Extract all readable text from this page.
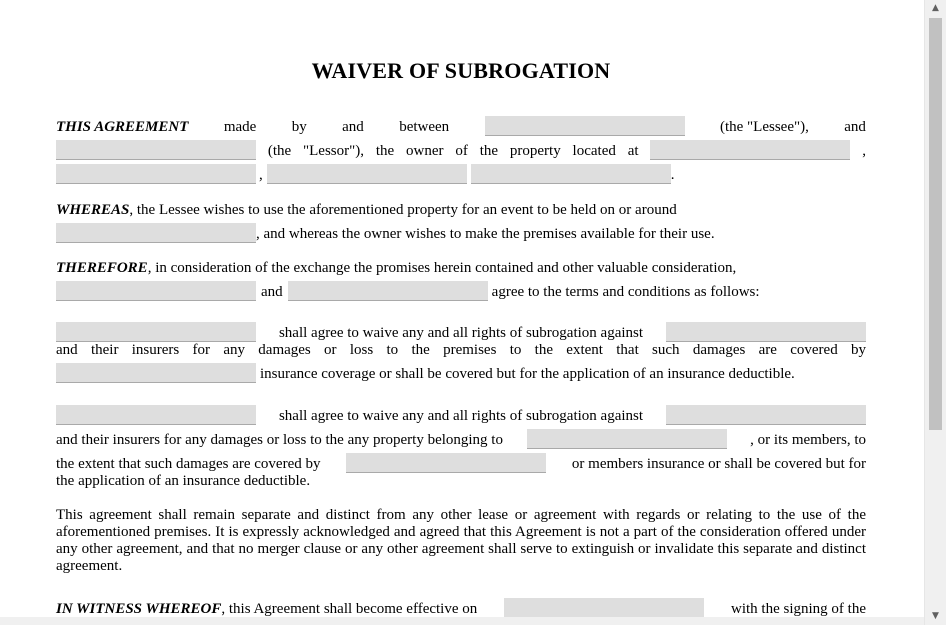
WAIVER OF SUBROGATION
THIS AGREEMENT made by and between	(the "Lessee"), and
(the "Lessor"), the owner of the property located at	,
,	.
WHEREAS, the Lessee wishes to use the aforementioned property for an event to be held on or around
, and whereas the owner wishes to make the premises available for their use.
THEREFORE, in consideration of the exchange the promises herein contained and other valuable consideration,
and	agree to the terms and conditions as follows:
shall agree to waive any and all rights of subrogation against
and their insurers for any damages or loss to the premises to the extent that such damages are covered by
insurance coverage or shall be covered but for the application of an insurance deductible.
shall agree to waive any and all rights of subrogation against
and their insurers for any damages or loss to the any property belonging to	, or its members, to
the extent that such damages are covered by	or members insurance or shall be covered but for
the application of an insurance deductible.
This agreement shall remain separate and distinct from any other lease or agreement with regards or relating to the use of the aforementioned premises. It is expressly acknowledged and agreed that this Agreement is not a part of the consideration offered under any other agreement, and that no merger clause or any other agreement shall serve to extinguish or invalidate this separate and distinct agreement.
IN WITNESS WHEREOF, this Agreement shall become effective on	with the signing of the
▲
▼
